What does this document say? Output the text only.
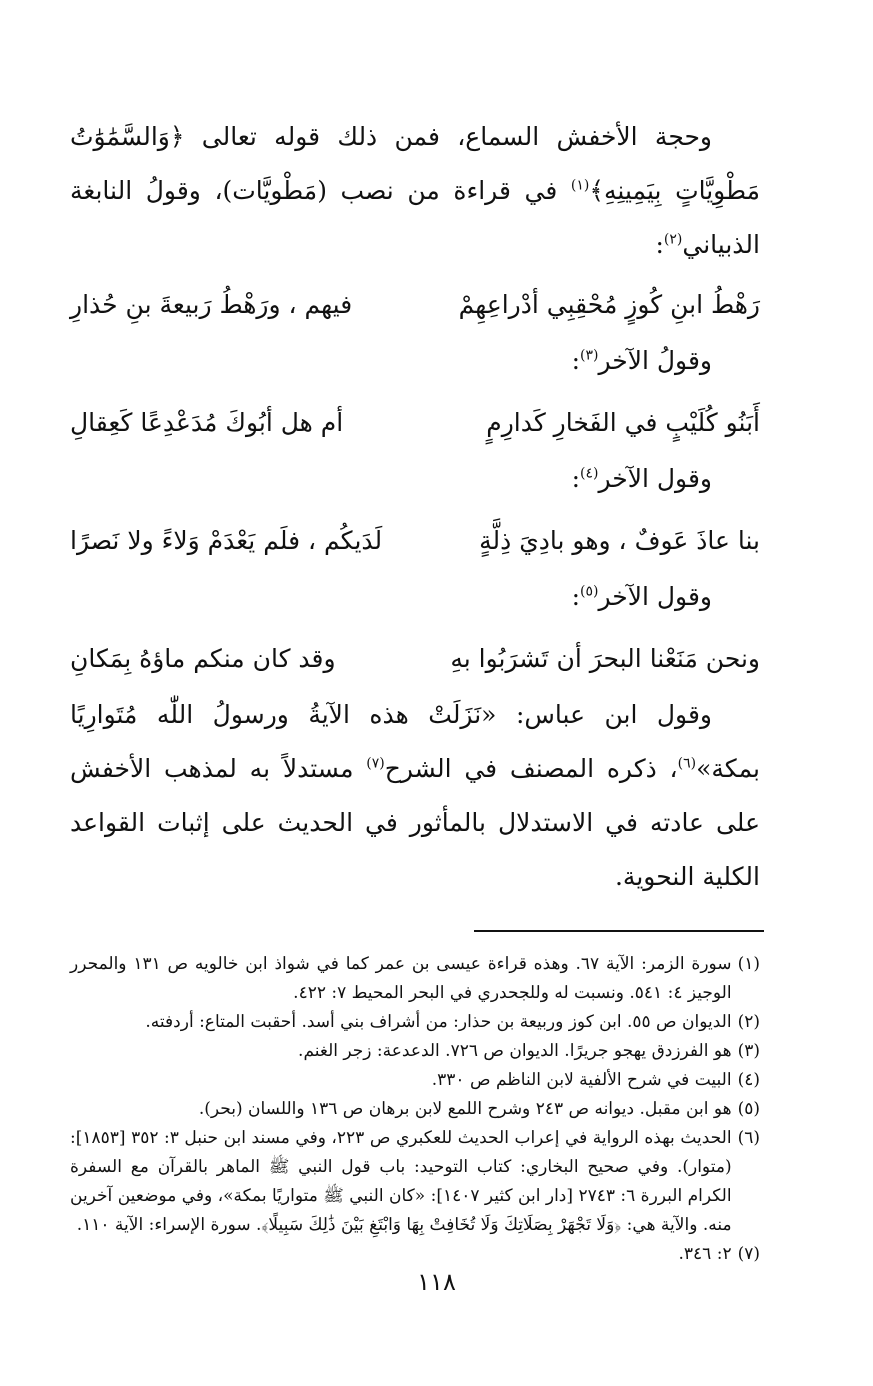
وحجة الأخفش السماع، فمن ذلك قوله تعالى ﴿وَالسَّمَٰوَٰتُ مَطْوِيَّاتٍ بِيَمِينِهِ﴾$^{(١)}$ في قراءة من نصب (مَطْويَّات)، وقولُ النابغة الذبياني$^{(٢)}$:

رَهْطُ ابنِ كُوزٍ مُحْقِبِي أدْراعِهِمْ
فيهم ، ورَهْطُ رَبيعةَ بنِ حُذارِ
وقولُ الآخر$^{(٣)}$:
أَبَنُو كُلَيْبٍ في الفَخارِ كَدارِمٍ
أم هل أبُوكَ مُدَعْدِعًا كَعِقالِ
وقول الآخر$^{(٤)}$:
بنا عاذَ عَوفٌ ، وهو بادِيَ ذِلَّةٍ
لَدَيكُم ، فلَم يَعْدَمْ وَلاءً ولا نَصرًا
وقول الآخر$^{(٥)}$:
ونحن مَنَعْنا البحرَ أن تَشرَبُوا بهِ
وقد كان منكم ماؤهُ بِمَكانِ

وقول ابن عباس: «نَزَلَتْ هذه الآيةُ ورسولُ اللّٰه مُتَوارِيًا بمكة»$^{(٦)}$، ذكره المصنف في الشرح$^{(٧)}$ مستدلاً به لمذهب الأخفش على عادته في الاستدلال بالمأثور في الحديث على إثبات القواعد الكلية النحوية.

(١)
سورة الزمر: الآية ٦٧. وهذه قراءة عيسى بن عمر كما في شواذ ابن خالويه ص ١٣١ والمحرر الوجيز ٤: ٥٤١. ونسبت له وللجحدري في البحر المحيط ٧: ٤٢٢.

(٢)
الديوان ص ٥٥. ابن كوز وربيعة بن حذار: من أشراف بني أسد. أحقبت المتاع: أردفته.

(٣)
هو الفرزدق يهجو جريرًا. الديوان ص ٧٢٦. الدعدعة: زجر الغنم.

(٤)
البيت في شرح الألفية لابن الناظم ص ٣٣٠.

(٥)
هو ابن مقبل. ديوانه ص ٢٤٣ وشرح اللمع لابن برهان ص ١٣٦ واللسان (بحر).

(٦)
الحديث بهذه الرواية في إعراب الحديث للعكبري ص ٢٢٣، وفي مسند ابن حنبل ٣: ٣٥٢ [١٨٥٣]: (متوار). وفي صحيح البخاري: كتاب التوحيد: باب قول النبي ﷺ الماهر بالقرآن مع السفرة الكرام البررة ٦: ٢٧٤٣ [دار ابن كثير ١٤٠٧]: «كان النبي ﷺ متواريًا بمكة»، وفي موضعين آخرين منه. والآية هي: ﴿وَلَا تَجْهَرْ بِصَلَاتِكَ وَلَا تُخَافِتْ بِهَا وَابْتَغِ بَيْنَ ذَٰلِكَ سَبِيلًا﴾. سورة الإسراء: الآية ١١٠.

(٧)
٢: ٣٤٦.

١١٨
